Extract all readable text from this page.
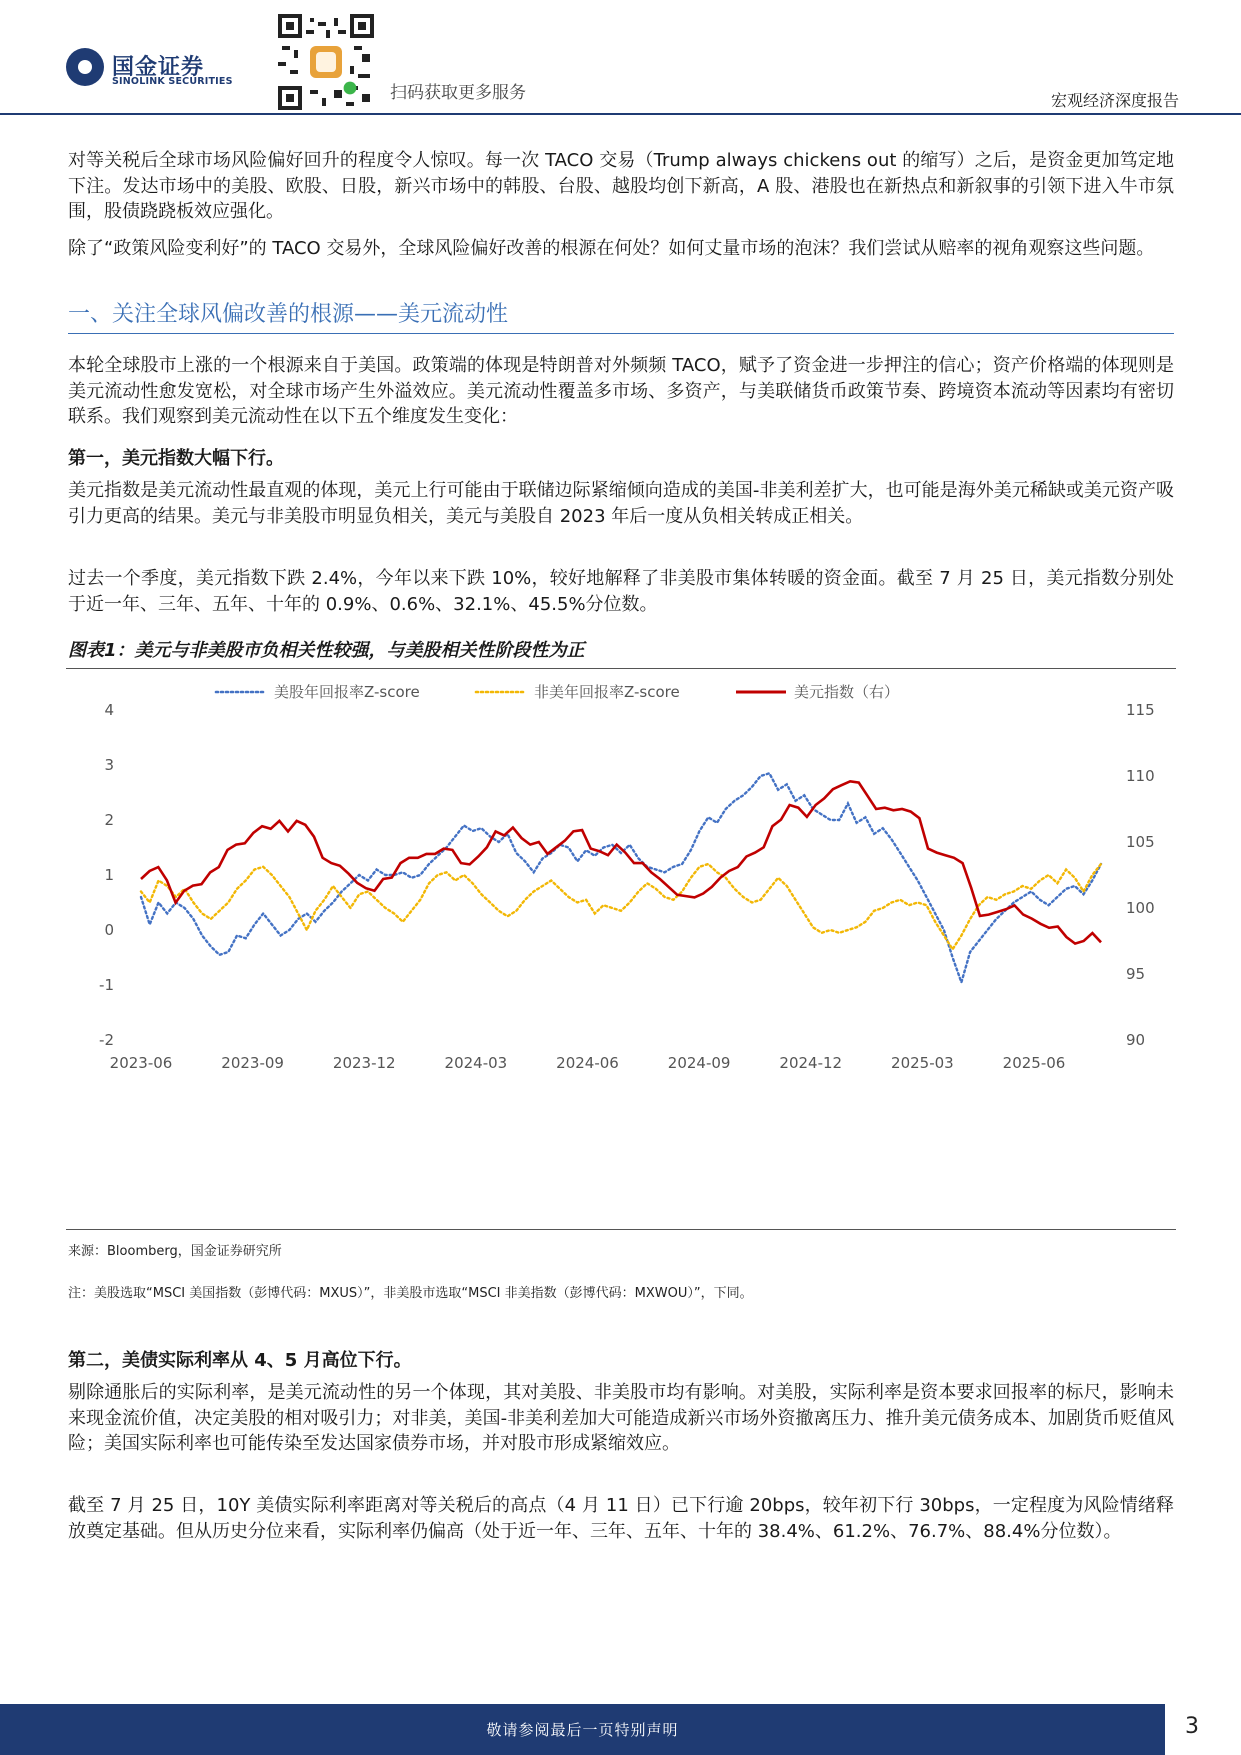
国金证券
SINOLINK SECURITIES
扫码获取更多服务	宏观经济深度报告
对等关税后全球市场风险偏好回升的程度令人惊叹。每一次 TACO 交易（Trump always chickens out 的缩写）之后，是资金更加笃定地下注。发达市场中的美股、欧股、日股，新兴市场中的韩股、台股、越股均创下新高，A 股、港股也在新热点和新叙事的引领下进入牛市氛围，股债跷跷板效应强化。
除了“政策风险变利好”的 TACO 交易外，全球风险偏好改善的根源在何处？如何丈量市场的泡沫？我们尝试从赔率的视角观察这些问题。
一、关注全球风偏改善的根源——美元流动性
本轮全球股市上涨的一个根源来自于美国。政策端的体现是特朗普对外频频 TACO，赋予了资金进一步押注的信心；资产价格端的体现则是美元流动性愈发宽松，对全球市场产生外溢效应。美元流动性覆盖多市场、多资产，与美联储货币政策节奏、跨境资本流动等因素均有密切联系。我们观察到美元流动性在以下五个维度发生变化：
第一，美元指数大幅下行。
美元指数是美元流动性最直观的体现，美元上行可能由于联储边际紧缩倾向造成的美国-非美利差扩大，也可能是海外美元稀缺或美元资产吸引力更高的结果。美元与非美股市明显负相关，美元与美股自 2023 年后一度从负相关转成正相关。
过去一个季度，美元指数下跌 2.4%，今年以来下跌 10%，较好地解释了非美股市集体转暖的资金面。截至 7 月 25 日，美元指数分别处于近一年、三年、五年、十年的 0.9%、0.6%、32.1%、45.5%分位数。
图表1：美元与非美股市负相关性较强，与美股相关性阶段性为正
4
3
2
1
0
-1
-2
115
110
105
100
95
90
2023-06	2023-09	2023-12	2024-03	2024-06	2024-09	2024-12	2025-03	2025-06
美股年回报率Z-score	非美年回报率Z-score	美元指数（右）
来源：Bloomberg，国金证券研究所
注：美股选取“MSCI 美国指数（彭博代码：MXUS）”，非美股市选取“MSCI 非美指数（彭博代码：MXWOU）”，下同。
第二，美债实际利率从 4、5 月高位下行。
剔除通胀后的实际利率，是美元流动性的另一个体现，其对美股、非美股市均有影响。对美股，实际利率是资本要求回报率的标尺，影响未来现金流价值，决定美股的相对吸引力；对非美，美国-非美利差加大可能造成新兴市场外资撤离压力、推升美元债务成本、加剧货币贬值风险；美国实际利率也可能传染至发达国家债券市场，并对股市形成紧缩效应。
截至 7 月 25 日，10Y 美债实际利率距离对等关税后的高点（4 月 11 日）已下行逾 20bps，较年初下行 30bps，一定程度为风险情绪释放奠定基础。但从历史分位来看，实际利率仍偏高（处于近一年、三年、五年、十年的 38.4%、61.2%、76.7%、88.4%分位数）。
敬请参阅最后一页特别声明	3
